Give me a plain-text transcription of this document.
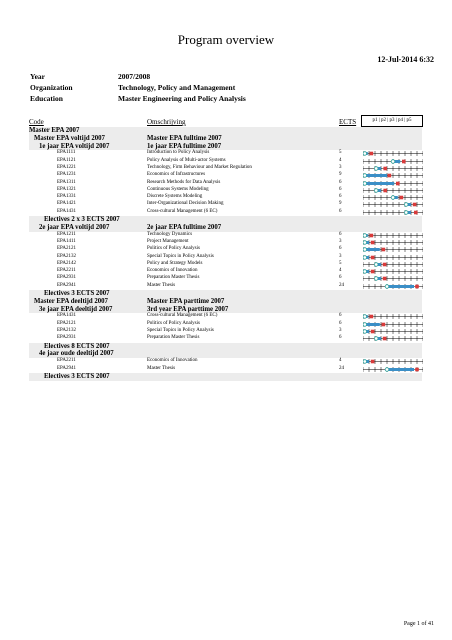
Program overview
12-Jul-2014 6:32
Year	2007/2008
Organization	Technology, Policy and Management
Education	Master Engineering and Policy Analysis
Code	Omschrijving	ECTS	p1 | p2 | p3 | p4 | p5
Master EPA 2007
Master EPA voltijd 2007	Master EPA fulltime 2007
1e jaar EPA voltijd 2007	1e jaar EPA fulltime 2007
EPA1111	Introduction to Policy Analysis	5
EPA1121	Policy Analysis of Multi-actor Systems	4
EPA1221	Technology, Firm Behaviour and Market Regulation	3
EPA1231	Economics of Infrastructures	9
EPA1311	Research Methods for Data Analysis	6
EPA1321	Continuous Systems Modeling	6
EPA1331	Discrete Systems Modeling	6
EPA1421	Inter-Organizational Decision Making	9
EPA1431	Cross-cultural Management (6 EC)	6
Electives 2 x 3 ECTS 2007
2e jaar EPA voltijd 2007	2e jaar EPA fulltime 2007
EPA1211	Technology Dynamics	6
EPA1411	Project Management	3
EPA2121	Politics of Policy Analysis	6
EPA2132	Special Topics in Policy Analysis	3
EPA2142	Policy and Strategy Models	5
EPA2211	Economics of Innovation	4
EPA2931	Preparation Master Thesis	6
EPA2941	Master Thesis	24
Electives 3 ECTS 2007
Master EPA deeltijd 2007	Master EPA parttime 2007
3e jaar EPA deeltijd 2007	3rd year EPA parttime 2007
EPA1431	Cross-cultural Management (6 EC)	6
EPA2121	Politics of Policy Analysis	6
EPA2132	Special Topics in Policy Analysis	3
EPA2931	Preparation Master Thesis	6
Electives 8 ECTS 2007
4e jaar oude deeltijd 2007
EPA2211	Economics of Innovation	4
EPA2941	Master Thesis	24
Electives 3 ECTS 2007
Page 1 of 41
